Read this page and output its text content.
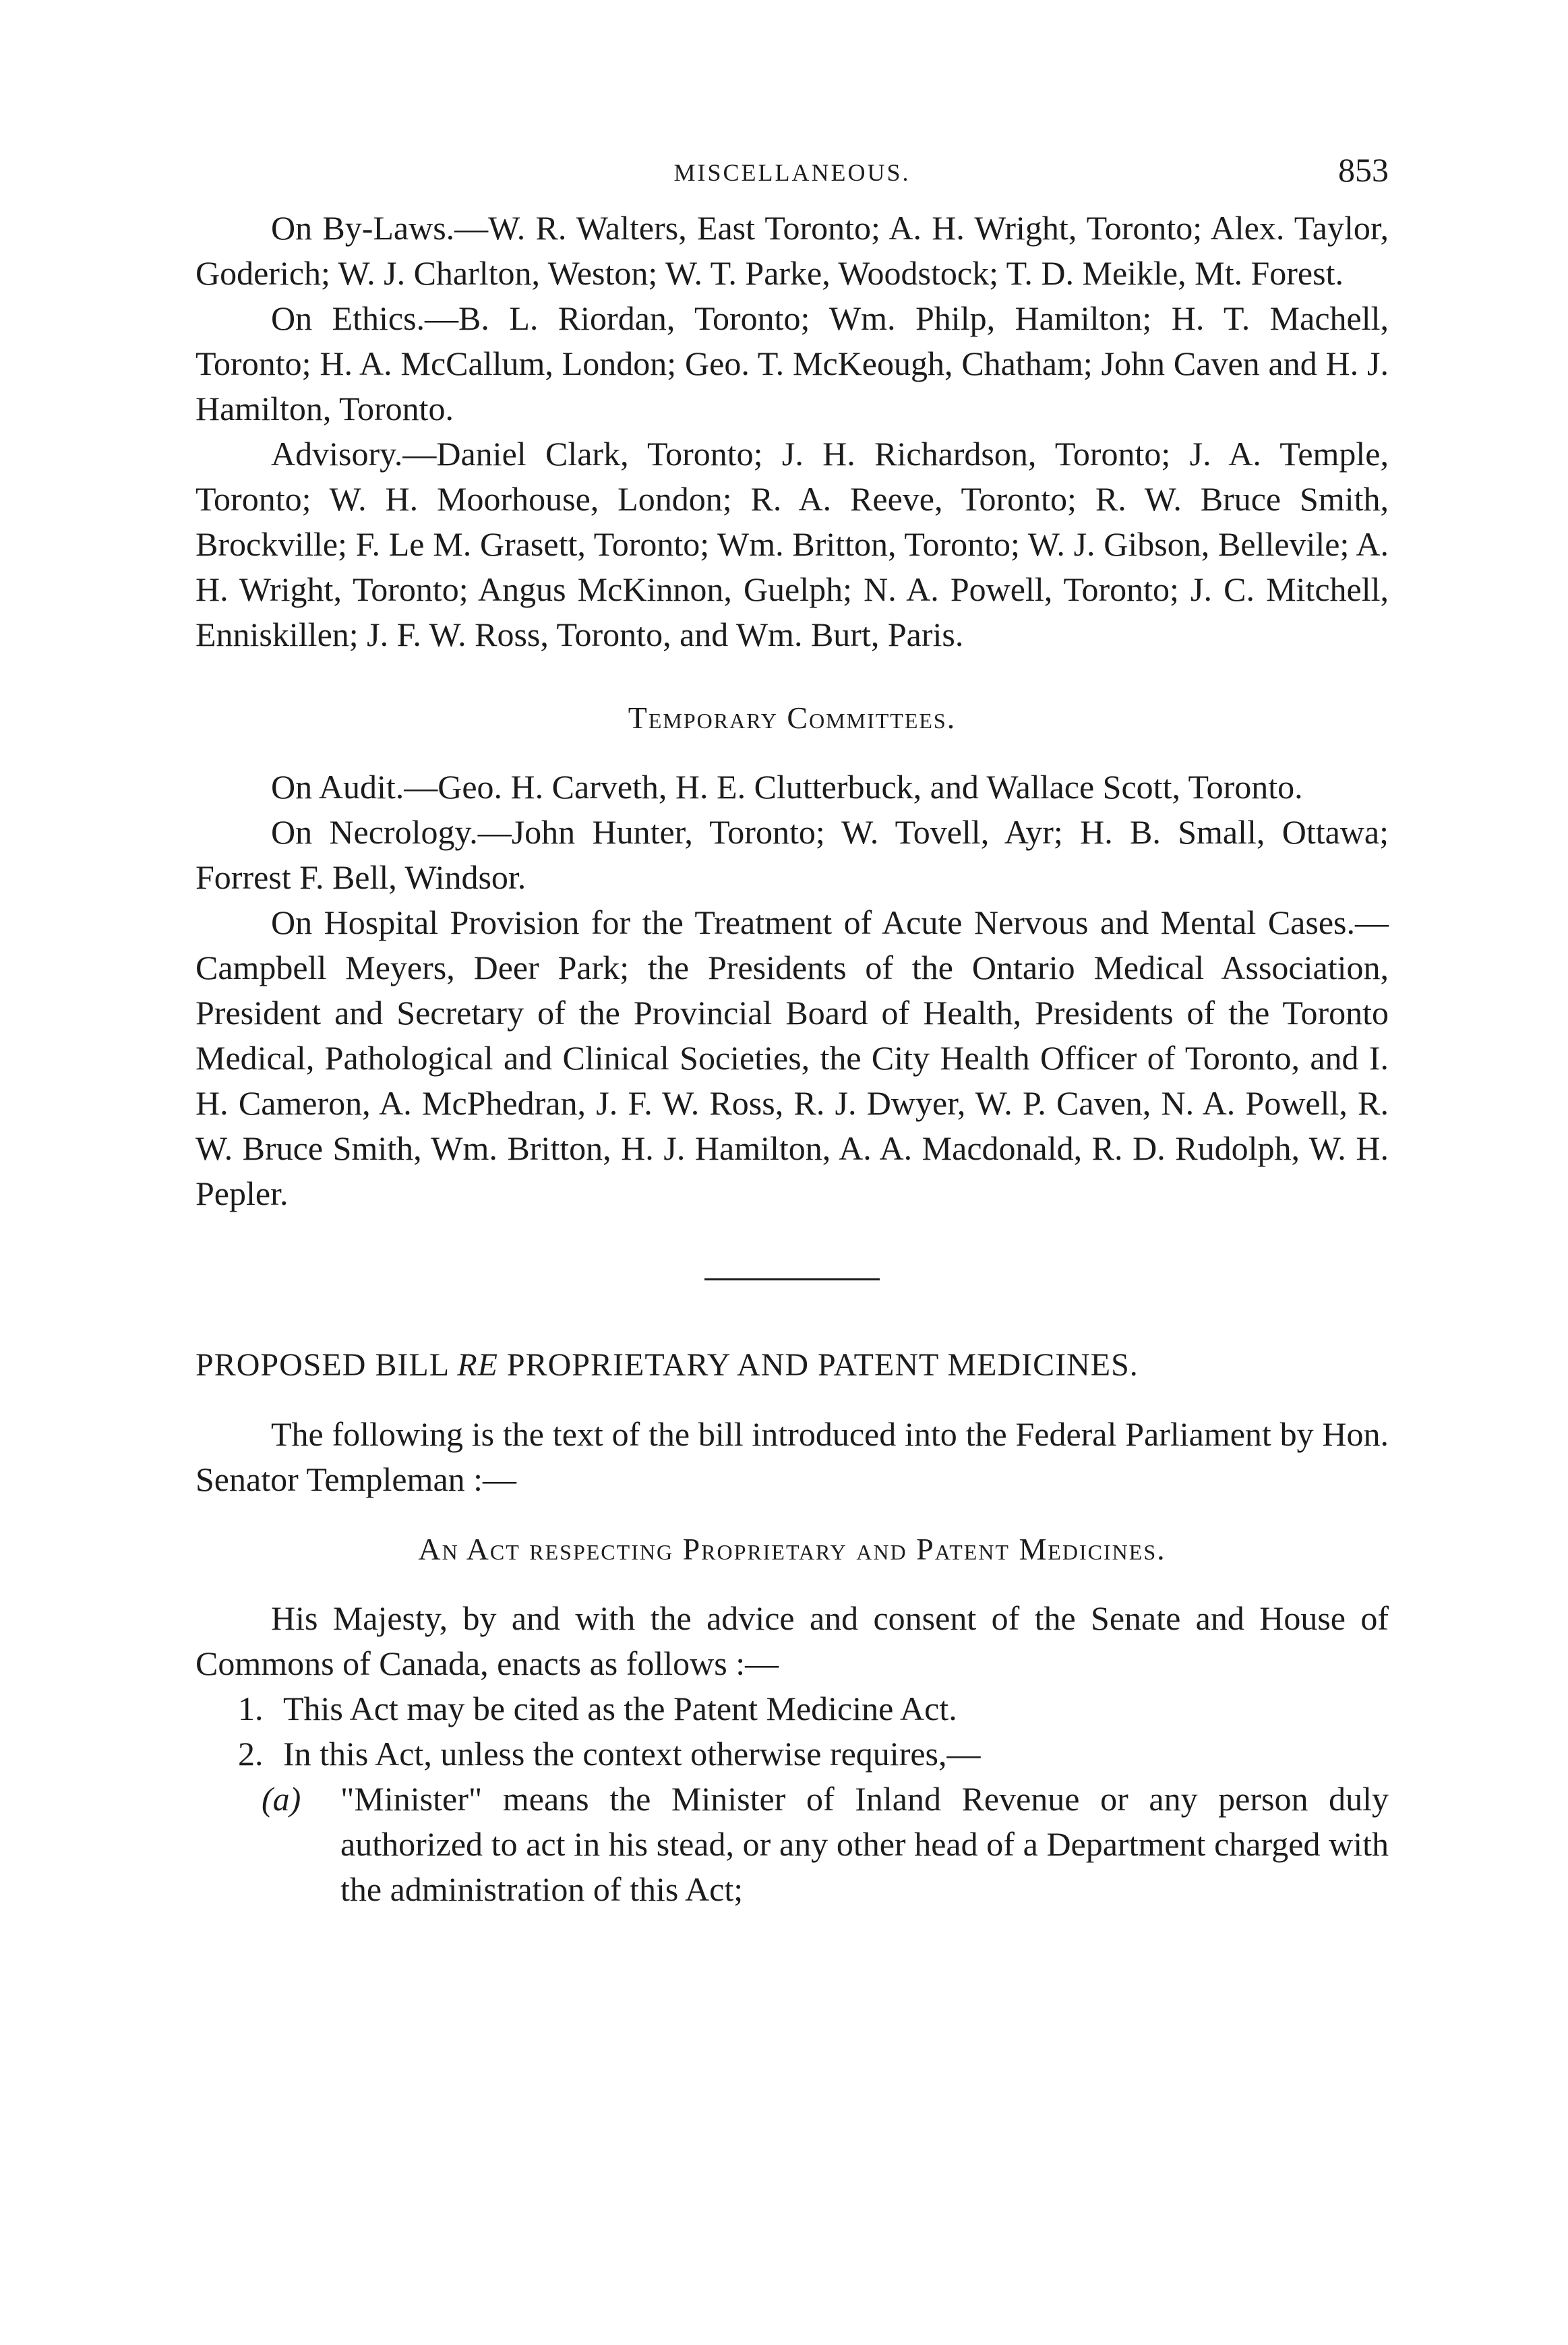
MISCELLANEOUS.	853

On By-Laws.—W. R. Walters, East Toronto; A. H. Wright, Toronto; Alex. Taylor, Goderich; W. J. Charlton, Weston; W. T. Parke, Woodstock; T. D. Meikle, Mt. Forest.

On Ethics.—B. L. Riordan, Toronto; Wm. Philp, Hamilton; H. T. Machell, Toronto; H. A. McCallum, London; Geo. T. McKeough, Chatham; John Caven and H. J. Hamilton, Toronto.

Advisory.—Daniel Clark, Toronto; J. H. Richardson, Toronto; J. A. Temple, Toronto; W. H. Moorhouse, London; R. A. Reeve, Toronto; R. W. Bruce Smith, Brockville; F. Le M. Grasett, Toronto; Wm. Britton, Toronto; W. J. Gibson, Bellevile; A. H. Wright, Toronto; Angus McKinnon, Guelph; N. A. Powell, Toronto; J. C. Mitchell, Enniskillen; J. F. W. Ross, Toronto, and Wm. Burt, Paris.

Temporary Committees.

On Audit.—Geo. H. Carveth, H. E. Clutterbuck, and Wallace Scott, Toronto.

On Necrology.—John Hunter, Toronto; W. Tovell, Ayr; H. B. Small, Ottawa; Forrest F. Bell, Windsor.

On Hospital Provision for the Treatment of Acute Nervous and Mental Cases.—Campbell Meyers, Deer Park; the Presidents of the Ontario Medical Association, President and Secretary of the Provincial Board of Health, Presidents of the Toronto Medical, Pathological and Clinical Societies, the City Health Officer of Toronto, and I. H. Cameron, A. McPhedran, J. F. W. Ross, R. J. Dwyer, W. P. Caven, N. A. Powell, R. W. Bruce Smith, Wm. Britton, H. J. Hamilton, A. A. Macdonald, R. D. Rudolph, W. H. Pepler.

PROPOSED BILL RE PROPRIETARY AND PATENT MEDICINES.

The following is the text of the bill introduced into the Federal Parliament by Hon. Senator Templeman :—

An Act respecting Proprietary and Patent Medicines.

His Majesty, by and with the advice and consent of the Senate and House of Commons of Canada, enacts as follows :—

1. This Act may be cited as the Patent Medicine Act.

2. In this Act, unless the context otherwise requires,—

(a) "Minister" means the Minister of Inland Revenue or any person duly authorized to act in his stead, or any other head of a Department charged with the administration of this Act;
